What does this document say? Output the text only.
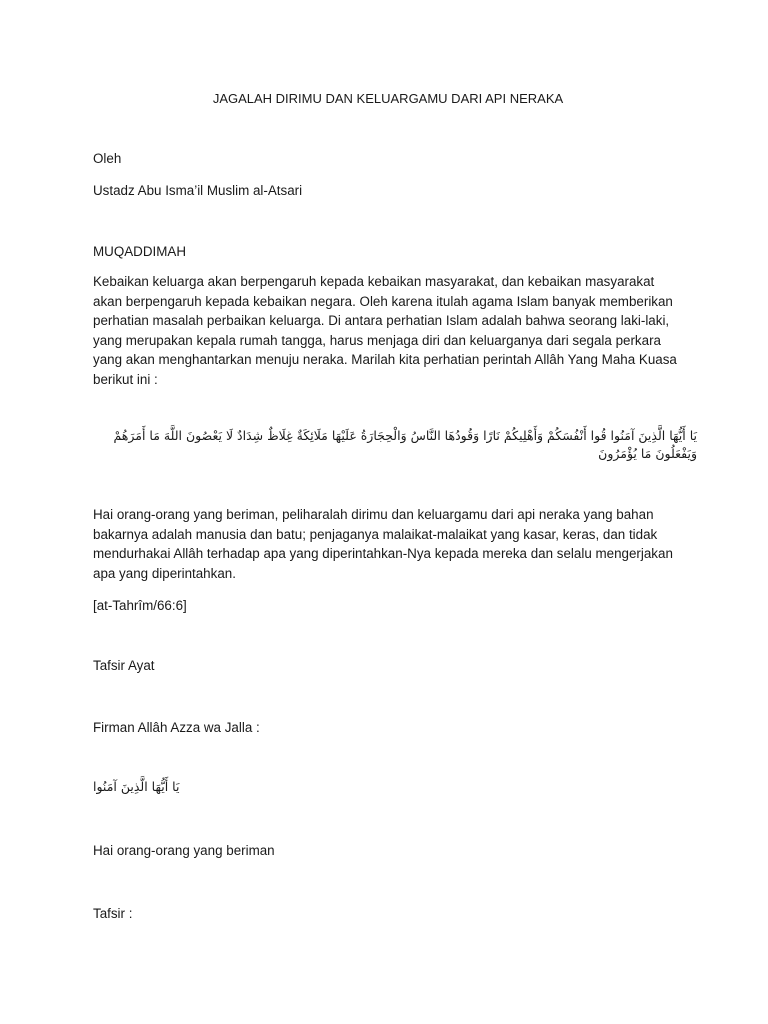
JAGALAH DIRIMU DAN KELUARGAMU DARI API NERAKA

Oleh

Ustadz Abu Isma’il Muslim al-Atsari

MUQADDIMAH

Kebaikan keluarga akan berpengaruh kepada kebaikan masyarakat, dan kebaikan masyarakat akan berpengaruh kepada kebaikan negara. Oleh karena itulah agama Islam banyak memberikan perhatian masalah perbaikan keluarga. Di antara perhatian Islam adalah bahwa seorang laki-laki, yang merupakan kepala rumah tangga, harus menjaga diri dan keluarganya dari segala perkara yang akan menghantarkan menuju neraka. Marilah kita perhatian perintah Allâh Yang Maha Kuasa berikut ini :

يَا أَيُّهَا الَّذِينَ آمَنُوا قُوا أَنْفُسَكُمْ وَأَهْلِيكُمْ نَارًا وَقُودُهَا النَّاسُ وَالْحِجَارَةُ عَلَيْهَا مَلَائِكَةٌ غِلَاظٌ شِدَادٌ لَا يَعْصُونَ اللَّهَ مَا أَمَرَهُمْ وَيَفْعَلُونَ مَا يُؤْمَرُونَ

Hai orang-orang yang beriman, peliharalah dirimu dan keluargamu dari api neraka yang bahan bakarnya adalah manusia dan batu; penjaganya malaikat-malaikat yang kasar, keras, dan tidak mendurhakai Allâh terhadap apa yang diperintahkan-Nya kepada mereka dan selalu mengerjakan apa yang diperintahkan.

[at-Tahrîm/66:6]

Tafsir Ayat

Firman Allâh Azza wa Jalla :

يَا أَيُّهَا الَّذِينَ آمَنُوا

Hai orang-orang yang beriman

Tafsir :
